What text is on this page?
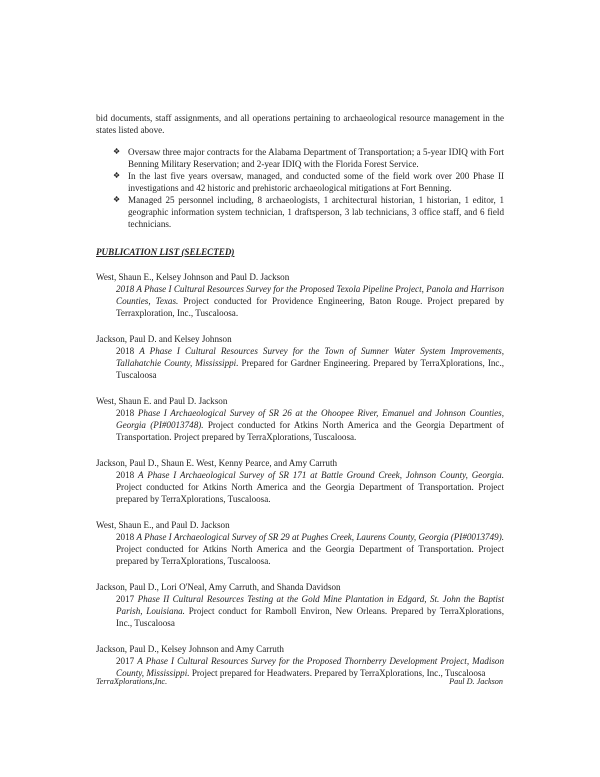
bid documents, staff assignments, and all operations pertaining to archaeological resource management in the states listed above.

❖ Oversaw three major contracts for the Alabama Department of Transportation; a 5-year IDIQ with Fort Benning Military Reservation; and 2-year IDIQ with the Florida Forest Service.
❖ In the last five years oversaw, managed, and conducted some of the field work over 200 Phase II investigations and 42 historic and prehistoric archaeological mitigations at Fort Benning.
❖ Managed 25 personnel including, 8 archaeologists, 1 architectural historian, 1 historian, 1 editor, 1 geographic information system technician, 1 draftsperson, 3 lab technicians, 3 office staff, and 6 field technicians.
PUBLICATION LIST (SELECTED)

West, Shaun E., Kelsey Johnson and Paul D. Jackson

2018 A Phase I Cultural Resources Survey for the Proposed Texola Pipeline Project, Panola and Harrison Counties, Texas. Project conducted for Providence Engineering, Baton Rouge. Project prepared by Terraxploration, Inc., Tuscaloosa.

Jackson, Paul D. and Kelsey Johnson

2018 A Phase I Cultural Resources Survey for the Town of Sumner Water System Improvements, Tallahatchie County, Mississippi. Prepared for Gardner Engineering. Prepared by TerraXplorations, Inc., Tuscaloosa

West, Shaun E. and Paul D. Jackson

2018 Phase I Archaeological Survey of SR 26 at the Ohoopee River, Emanuel and Johnson Counties, Georgia (PI#0013748). Project conducted for Atkins North America and the Georgia Department of Transportation. Project prepared by TerraXplorations, Tuscaloosa.

Jackson, Paul D., Shaun E. West, Kenny Pearce, and Amy Carruth

2018 A Phase I Archaeological Survey of SR 171 at Battle Ground Creek, Johnson County, Georgia. Project conducted for Atkins North America and the Georgia Department of Transportation. Project prepared by TerraXplorations, Tuscaloosa.

West, Shaun E., and Paul D. Jackson

2018 A Phase I Archaeological Survey of SR 29 at Pughes Creek, Laurens County, Georgia (PI#0013749). Project conducted for Atkins North America and the Georgia Department of Transportation. Project prepared by TerraXplorations, Tuscaloosa.

Jackson, Paul D., Lori O'Neal, Amy Carruth, and Shanda Davidson

2017 Phase II Cultural Resources Testing at the Gold Mine Plantation in Edgard, St. John the Baptist Parish, Louisiana. Project conduct for Ramboll Environ, New Orleans. Prepared by TerraXplorations, Inc., Tuscaloosa

Jackson, Paul D., Kelsey Johnson and Amy Carruth

2017 A Phase I Cultural Resources Survey for the Proposed Thornberry Development Project, Madison County, Mississippi. Project prepared for Headwaters. Prepared by TerraXplorations, Inc., Tuscaloosa

TerraXplorations,Inc.	Paul D. Jackson
